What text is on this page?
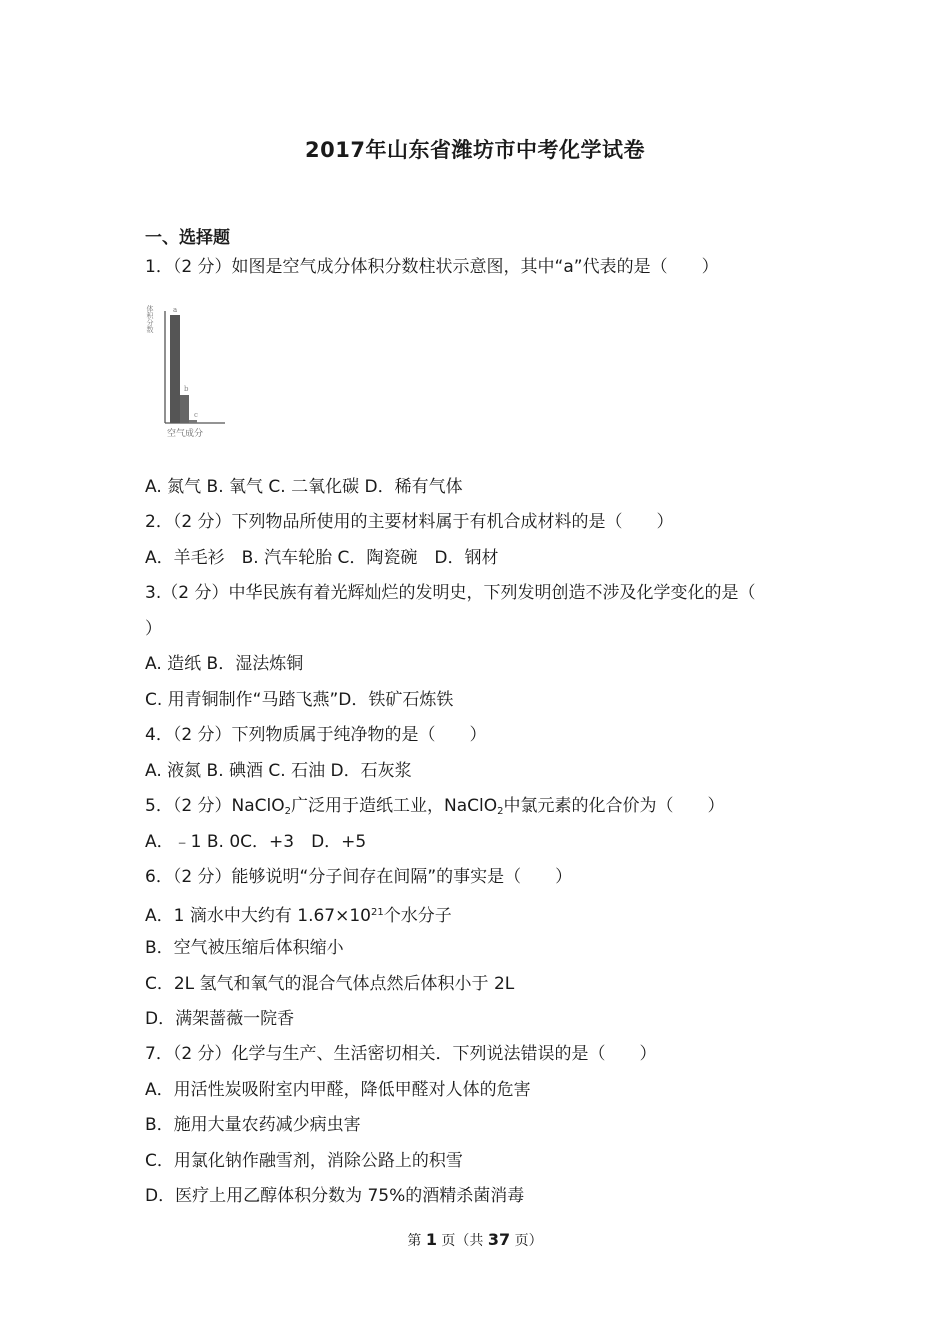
2017年山东省潍坊市中考化学试卷
一、选择题
1．（2 分）如图是空气成分体积分数柱状示意图，其中“a”代表的是（　　）
体积分数	a
b
c
空气成分
A. 氮气 B. 氧气 C. 二氧化碳 D．稀有气体
2．（2 分）下列物品所使用的主要材料属于有机合成材料的是（　　）
A．羊毛衫　B. 汽车轮胎 C．陶瓷碗　D．钢材
3.（2 分）中华民族有着光辉灿烂的发明史，下列发明创造不涉及化学变化的是（
）
A. 造纸 B．湿法炼铜
C. 用青铜制作“马踏飞燕”D．铁矿石炼铁
4．（2 分）下列物质属于纯净物的是（　　）
A. 液氮 B. 碘酒 C. 石油 D．石灰浆
5．（2 分）NaClO$_2$广泛用于造纸工业，NaClO$_2$中氯元素的化合价为（　　）
A．﹣1 B. 0C．+3　D．+5
6．（2 分）能够说明“分子间存在间隔”的事实是（　　）
A．1 滴水中大约有 $1.67\times 10^{21}$个水分子
B．空气被压缩后体积缩小
C．2L 氢气和氧气的混合气体点然后体积小于 2L
D．满架蔷薇一院香
7．（2 分）化学与生产、生活密切相关．下列说法错误的是（　　）
A．用活性炭吸附室内甲醛，降低甲醛对人体的危害
B．施用大量农药减少病虫害
C．用氯化钠作融雪剂，消除公路上的积雪
D．医疗上用乙醇体积分数为 75%的酒精杀菌消毒
第 1 页（共 37 页）
